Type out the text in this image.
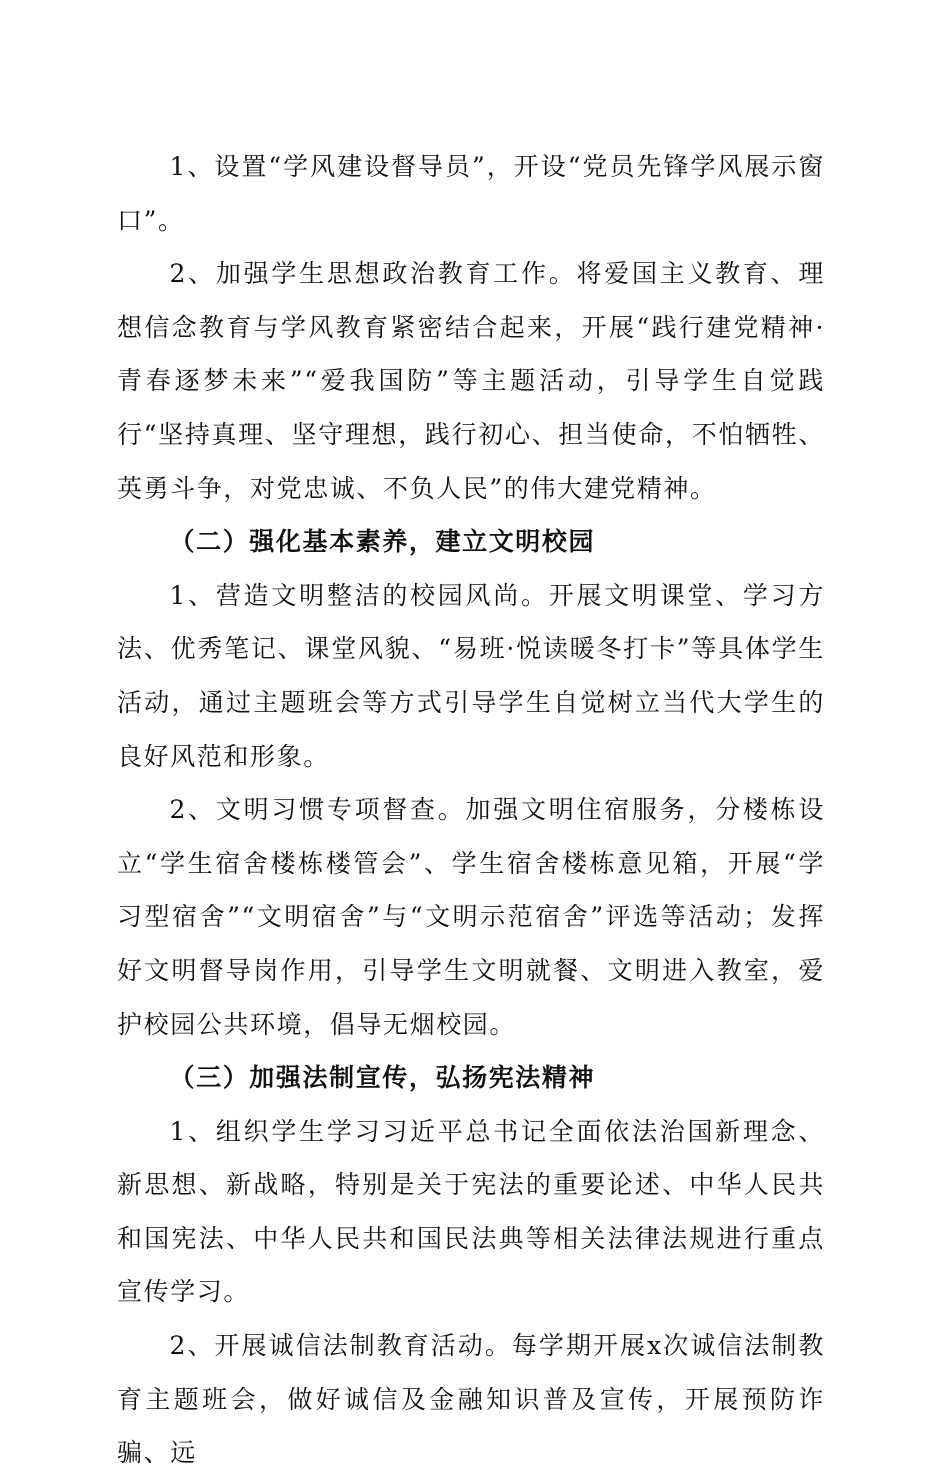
1、设置“学风建设督导员”，开设“党员先锋学风展示窗口”。

2、加强学生思想政治教育工作。将爱国主义教育、理想信念教育与学风教育紧密结合起来，开展“践行建党精神·青春逐梦未来”“爱我国防”等主题活动，引导学生自觉践行“坚持真理、坚守理想，践行初心、担当使命，不怕牺牲、英勇斗争，对党忠诚、不负人民”的伟大建党精神。

（二）强化基本素养，建立文明校园

1、营造文明整洁的校园风尚。开展文明课堂、学习方法、优秀笔记、课堂风貌、“易班·悦读暖冬打卡”等具体学生活动，通过主题班会等方式引导学生自觉树立当代大学生的良好风范和形象。

2、文明习惯专项督查。加强文明住宿服务，分楼栋设立“学生宿舍楼栋楼管会”、学生宿舍楼栋意见箱，开展“学习型宿舍”“文明宿舍”与“文明示范宿舍”评选等活动；发挥好文明督导岗作用，引导学生文明就餐、文明进入教室，爱护校园公共环境，倡导无烟校园。

（三）加强法制宣传，弘扬宪法精神

1、组织学生学习习近平总书记全面依法治国新理念、新思想、新战略，特别是关于宪法的重要论述、中华人民共和国宪法、中华人民共和国民法典等相关法律法规进行重点宣传学习。

2、开展诚信法制教育活动。每学期开展x次诚信法制教育主题班会，做好诚信及金融知识普及宣传，开展预防诈骗、远
